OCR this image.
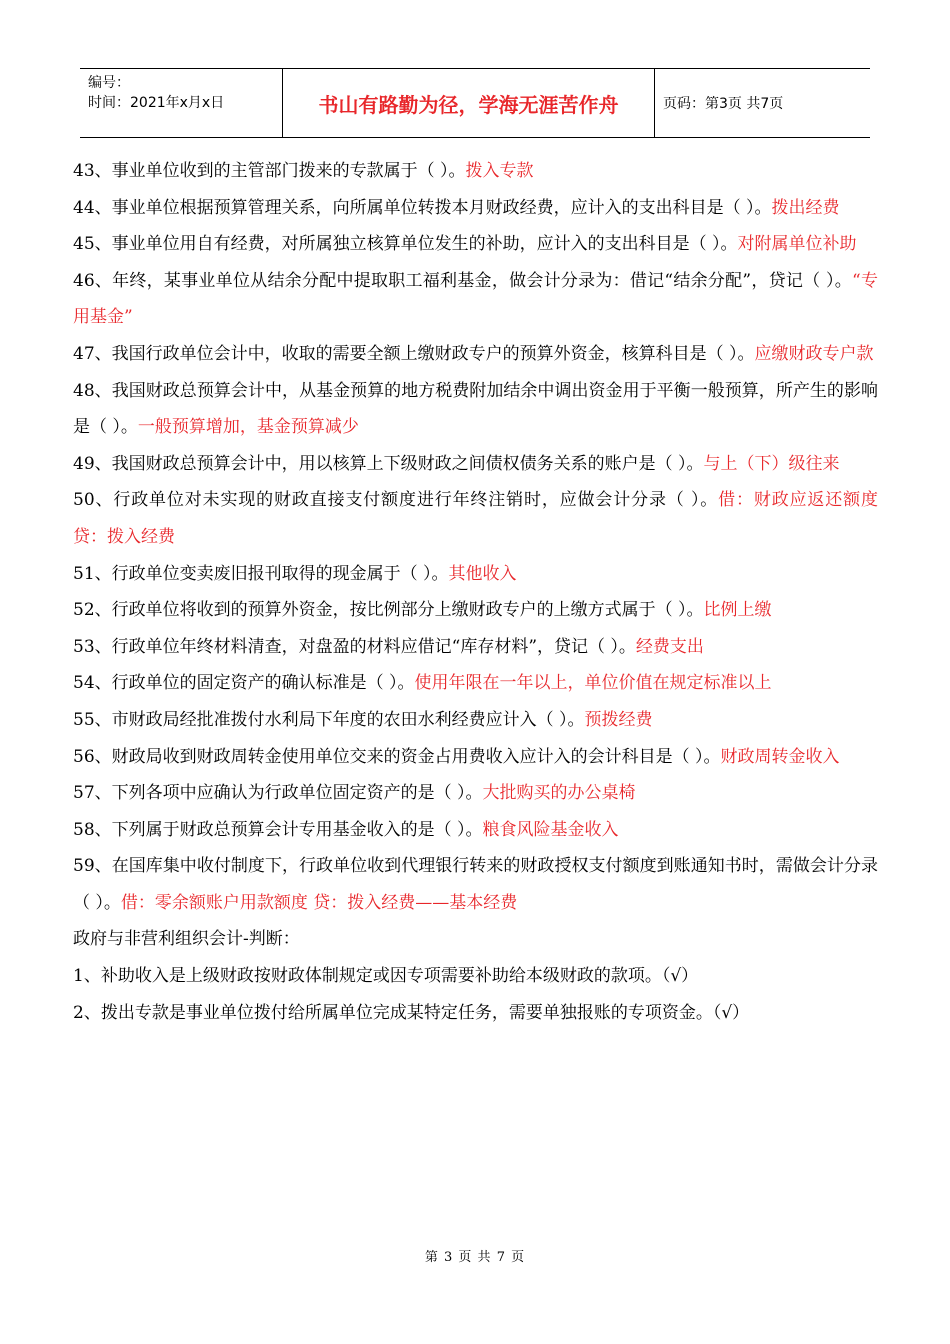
编号：
时间：2021年x月x日	书山有路勤为径，学海无涯苦作舟	页码：第3页 共7页
43、事业单位收到的主管部门拨来的专款属于（ ）。拨入专款
44、事业单位根据预算管理关系，向所属单位转拨本月财政经费，应计入的支出科目是（ ）。拨出经费
45、事业单位用自有经费，对所属独立核算单位发生的补助，应计入的支出科目是（ ）。对附属单位补助
46、年终，某事业单位从结余分配中提取职工福利基金，做会计分录为：借记“结余分配”，贷记（ ）。“专用基金”
47、我国行政单位会计中，收取的需要全额上缴财政专户的预算外资金，核算科目是（ ）。应缴财政专户款
48、我国财政总预算会计中，从基金预算的地方税费附加结余中调出资金用于平衡一般预算，所产生的影响是（ ）。一般预算增加，基金预算减少
49、我国财政总预算会计中，用以核算上下级财政之间债权债务关系的账户是（ ）。与上（下）级往来
50、行政单位对未实现的财政直接支付额度进行年终注销时，应做会计分录（ ）。借：财政应返还额度 贷：拨入经费
51、行政单位变卖废旧报刊取得的现金属于（ ）。其他收入
52、行政单位将收到的预算外资金，按比例部分上缴财政专户的上缴方式属于（ ）。比例上缴
53、行政单位年终材料清查，对盘盈的材料应借记“库存材料”，贷记（ ）。经费支出
54、行政单位的固定资产的确认标准是（ ）。使用年限在一年以上，单位价值在规定标准以上
55、市财政局经批准拨付水利局下年度的农田水利经费应计入（ ）。预拨经费
56、财政局收到财政周转金使用单位交来的资金占用费收入应计入的会计科目是（ ）。财政周转金收入
57、下列各项中应确认为行政单位固定资产的是（ ）。大批购买的办公桌椅
58、下列属于财政总预算会计专用基金收入的是（ ）。粮食风险基金收入
59、在国库集中收付制度下，行政单位收到代理银行转来的财政授权支付额度到账通知书时，需做会计分录（ ）。借：零余额账户用款额度 贷：拨入经费——基本经费
政府与非营利组织会计-判断：
1、补助收入是上级财政按财政体制规定或因专项需要补助给本级财政的款项。（√）
2、拨出专款是事业单位拨付给所属单位完成某特定任务，需要单独报账的专项资金。（√）
第 3 页 共 7 页
